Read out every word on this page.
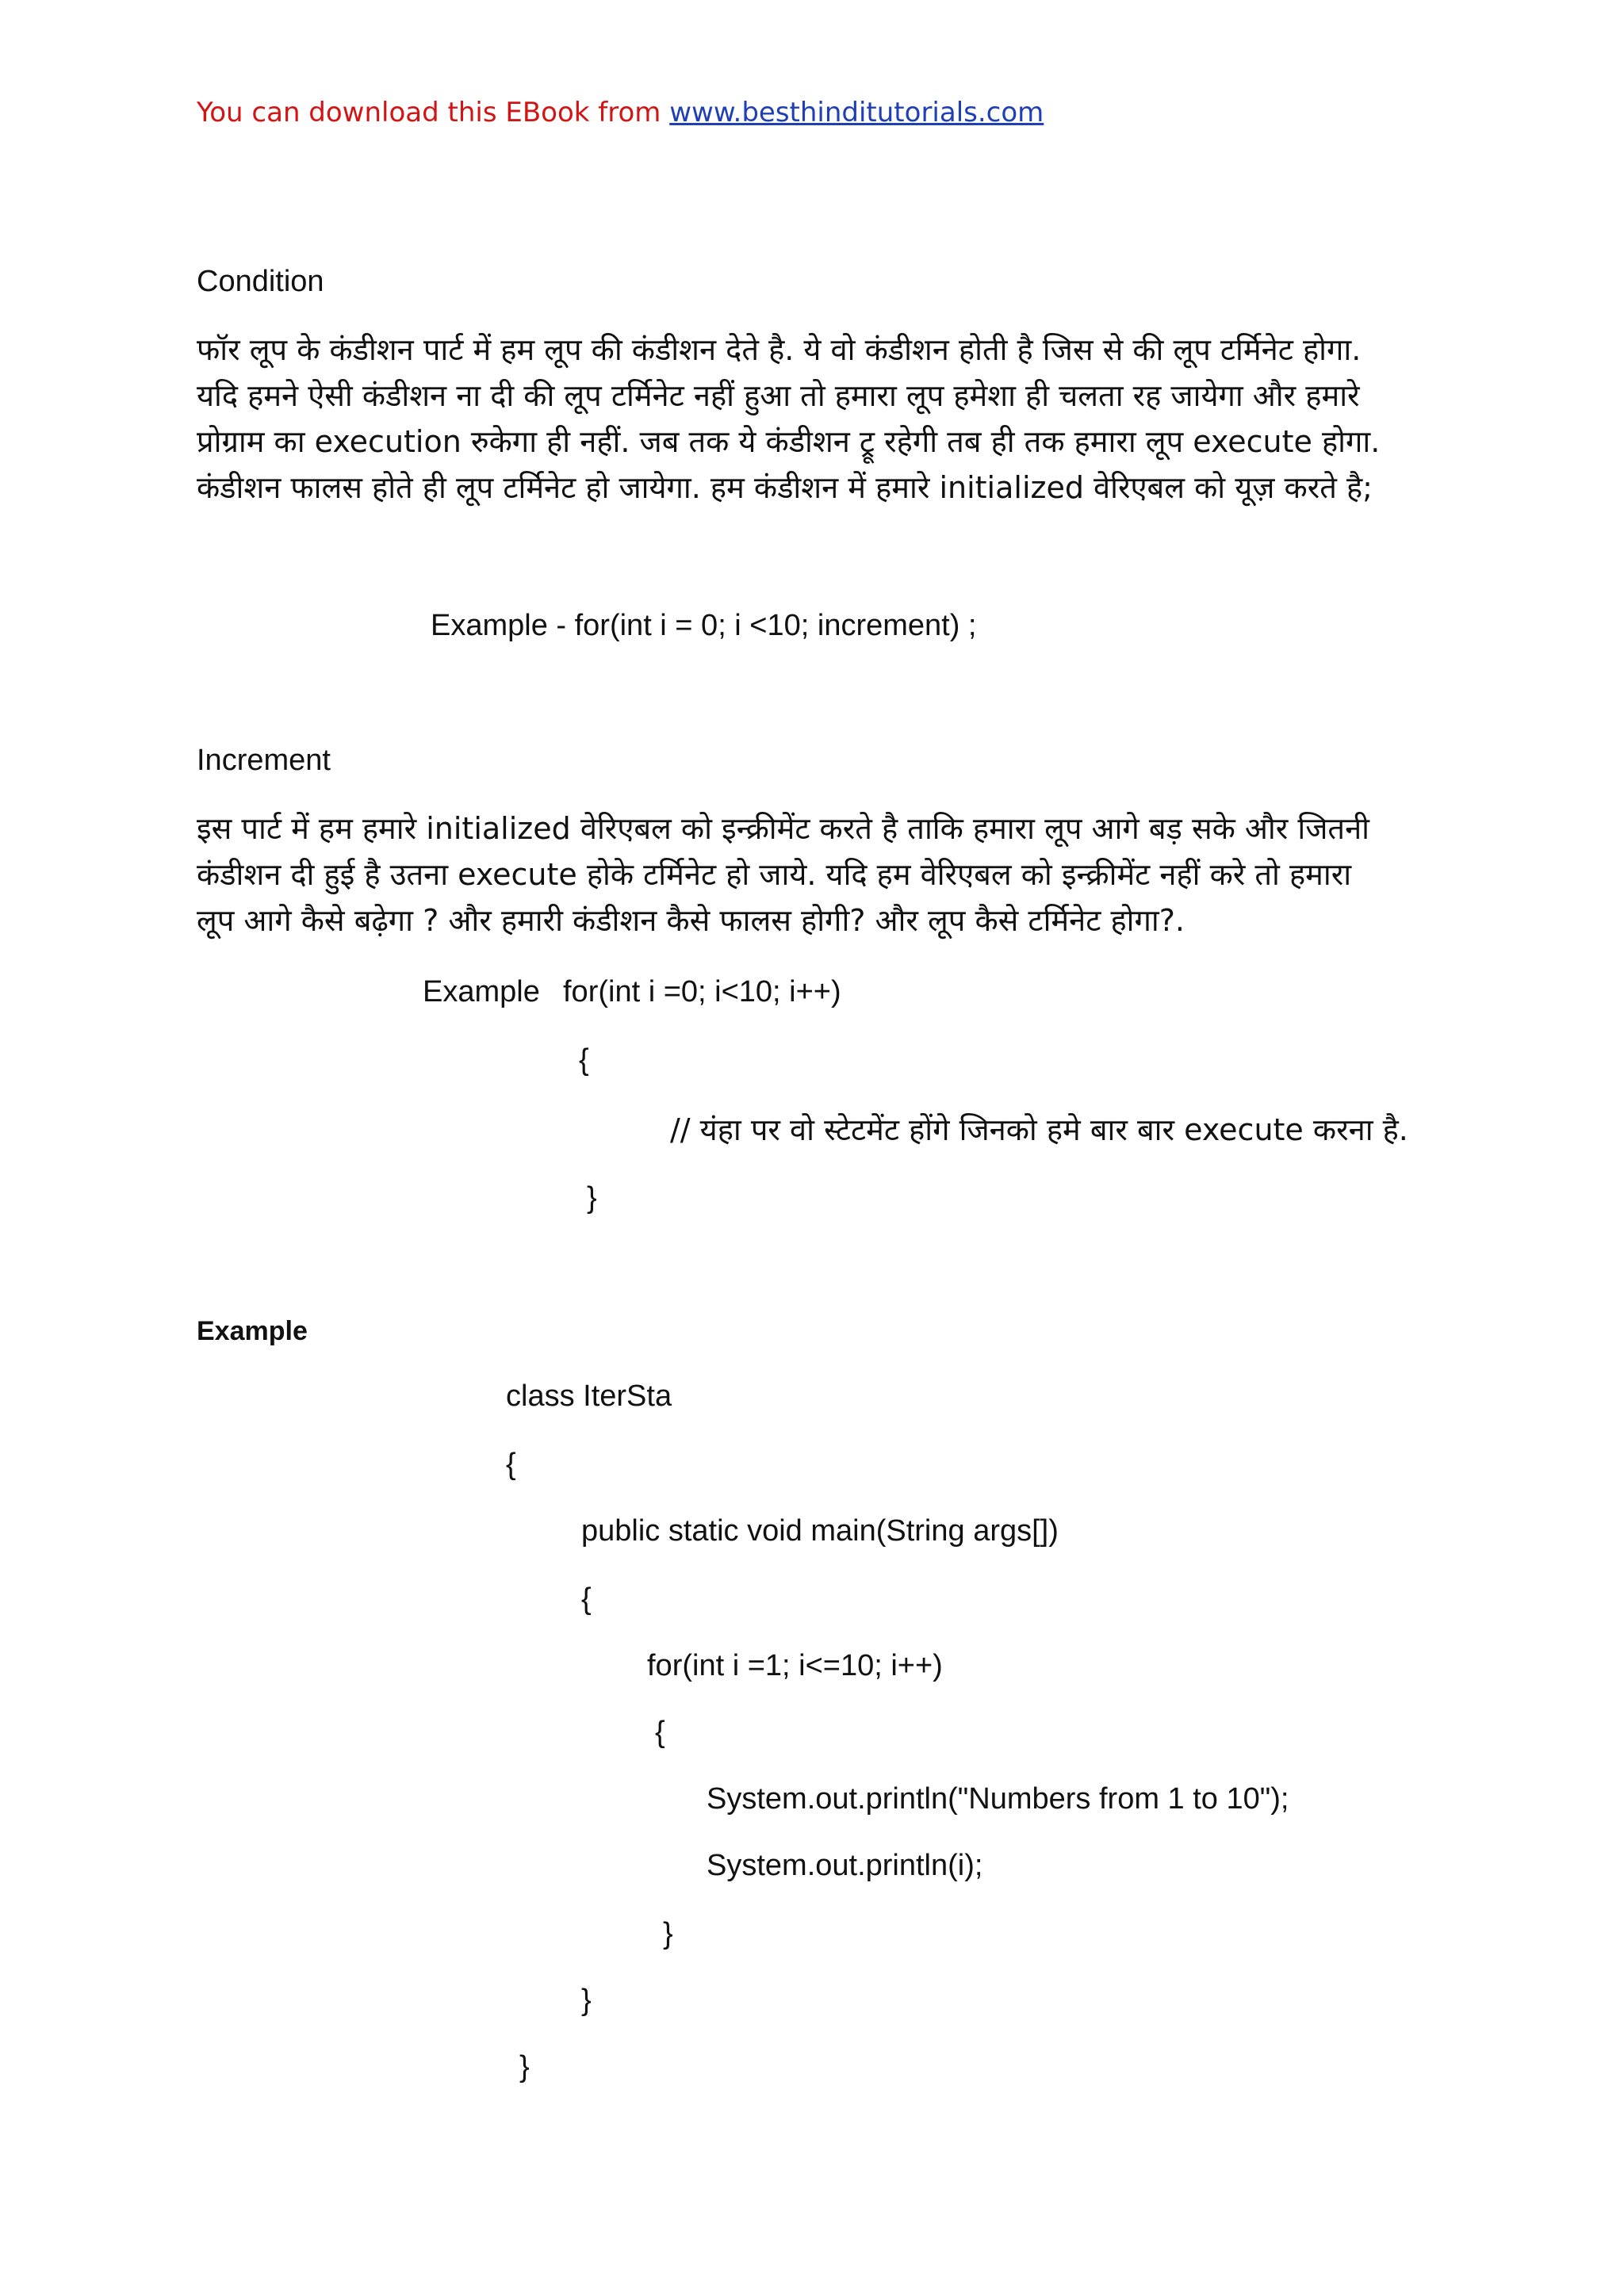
You can download this EBook from www.besthinditutorials.com
Condition
फॉर लूप के कंडीशन पार्ट में हम लूप की कंडीशन देते है. ये वो कंडीशन होती है जिस से की लूप टर्मिनेट होगा.
यदि हमने ऐसी कंडीशन ना दी की लूप टर्मिनेट नहीं हुआ तो हमारा लूप हमेशा ही चलता रह जायेगा और हमारे
प्रोग्राम का execution रुकेगा ही नहीं. जब तक ये कंडीशन ट्रू रहेगी तब ही तक हमारा लूप execute होगा.
कंडीशन फालस होते ही लूप टर्मिनेट हो जायेगा. हम कंडीशन में हमारे initialized वेरिएबल को यूज़ करते है;
Example - for(int i = 0; i <10; increment) ;
Increment
इस पार्ट में हम हमारे initialized वेरिएबल को इन्क्रीमेंट करते है ताकि हमारा लूप आगे बड़ सके और जितनी
कंडीशन दी हुई है उतना execute होके टर्मिनेट हो जाये. यदि हम वेरिएबल को इन्क्रीमेंट नहीं करे तो हमारा
लूप आगे कैसे बढ़ेगा ? और हमारी कंडीशन कैसे फालस होगी? और लूप कैसे टर्मिनेट होगा?.
Example for(int i =0; i<10; i++)
{
// यंहा पर वो स्टेटमेंट होंगे जिनको हमे बार बार execute करना है.
}
Example
class IterSta
{
public static void main(String args[])
{
for(int i =1; i<=10; i++)
{
System.out.println("Numbers from 1 to 10");
System.out.println(i);
}
}
}
